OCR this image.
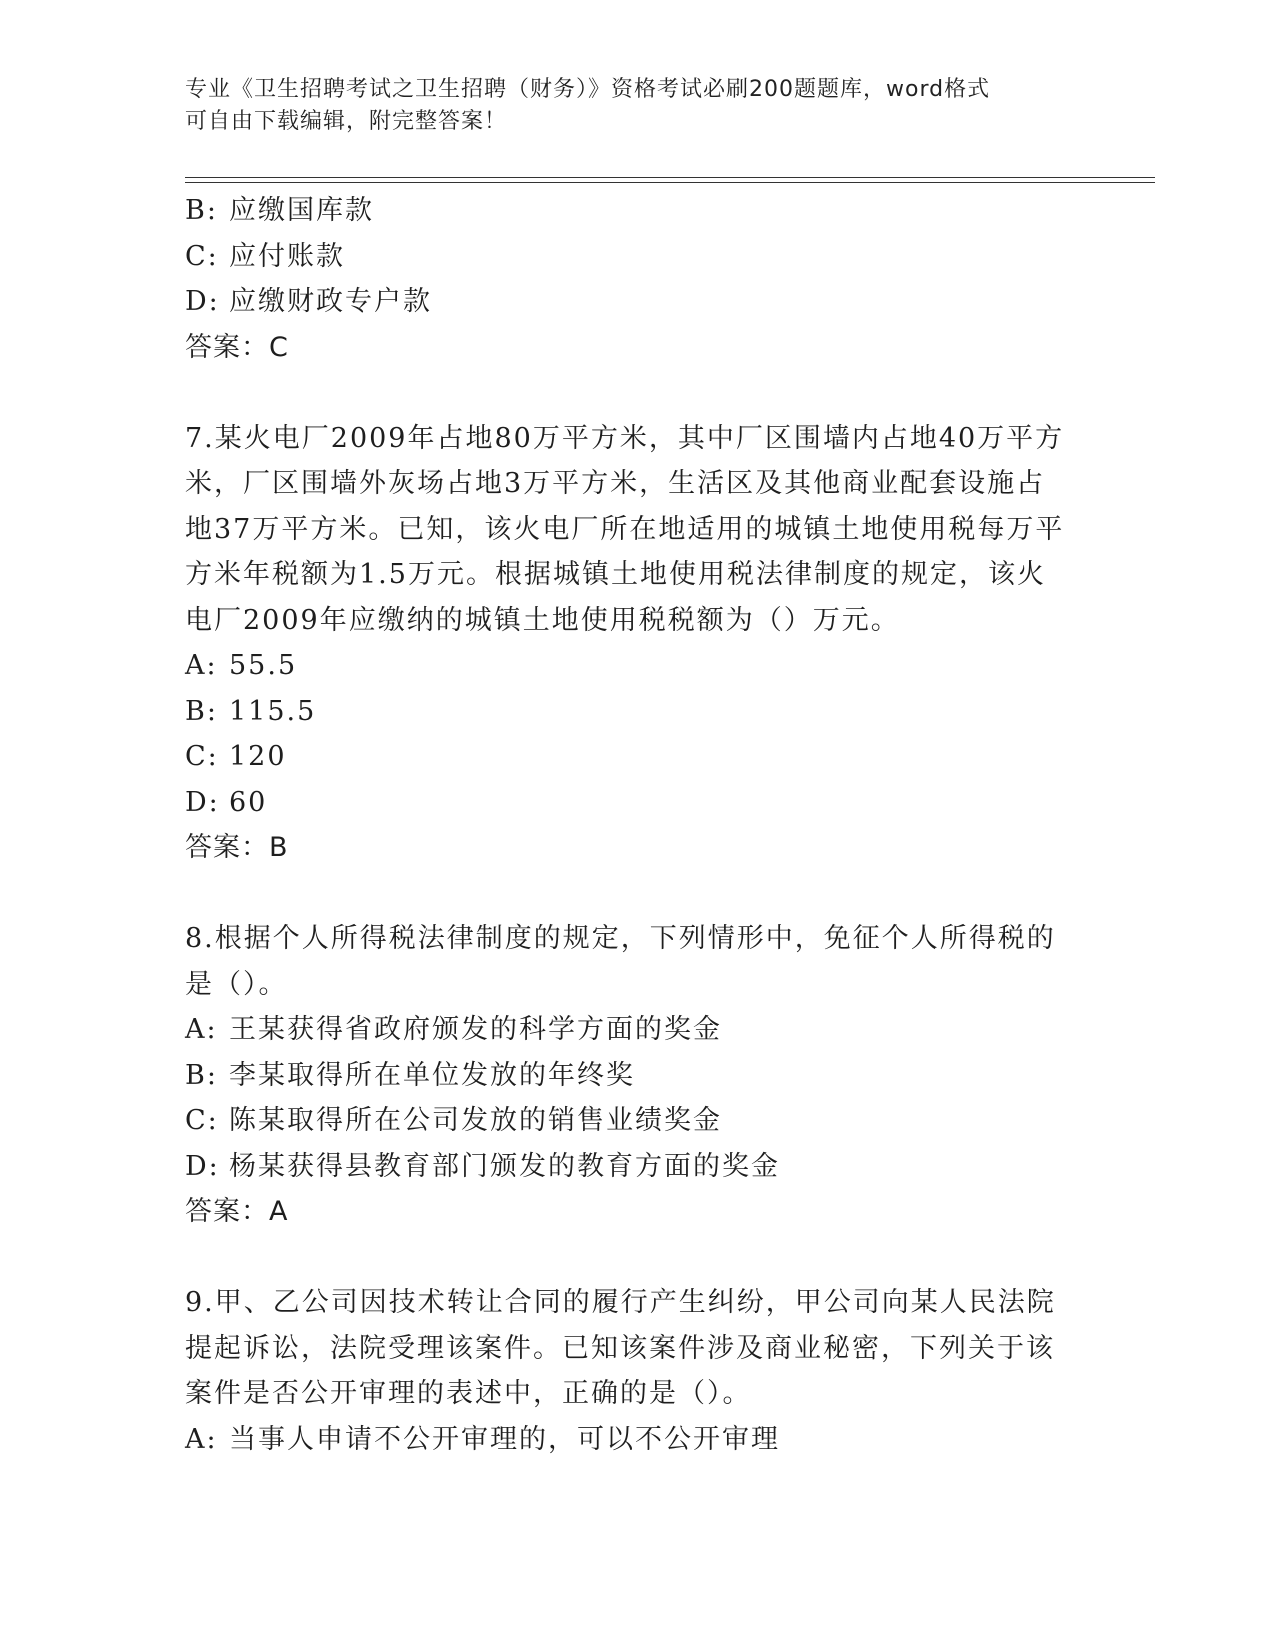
专业《卫生招聘考试之卫生招聘（财务）》资格考试必刷200题题库，word格式
可自由下载编辑，附完整答案！
B: 应缴国库款
C: 应付账款
D: 应缴财政专户款
答案：C
7.某火电厂2009年占地80万平方米，其中厂区围墙内占地40万平方
米，厂区围墙外灰场占地3万平方米，生活区及其他商业配套设施占
地37万平方米。已知，该火电厂所在地适用的城镇土地使用税每万平
方米年税额为1.5万元。根据城镇土地使用税法律制度的规定，该火
电厂2009年应缴纳的城镇土地使用税税额为（）万元。
A: 55.5
B: 115.5
C: 120
D: 60
答案：B
8.根据个人所得税法律制度的规定，下列情形中，免征个人所得税的
是（）。
A: 王某获得省政府颁发的科学方面的奖金
B: 李某取得所在单位发放的年终奖
C: 陈某取得所在公司发放的销售业绩奖金
D: 杨某获得县教育部门颁发的教育方面的奖金
答案：A
9.甲、乙公司因技术转让合同的履行产生纠纷，甲公司向某人民法院
提起诉讼，法院受理该案件。已知该案件涉及商业秘密，下列关于该
案件是否公开审理的表述中，正确的是（）。
A: 当事人申请不公开审理的，可以不公开审理
